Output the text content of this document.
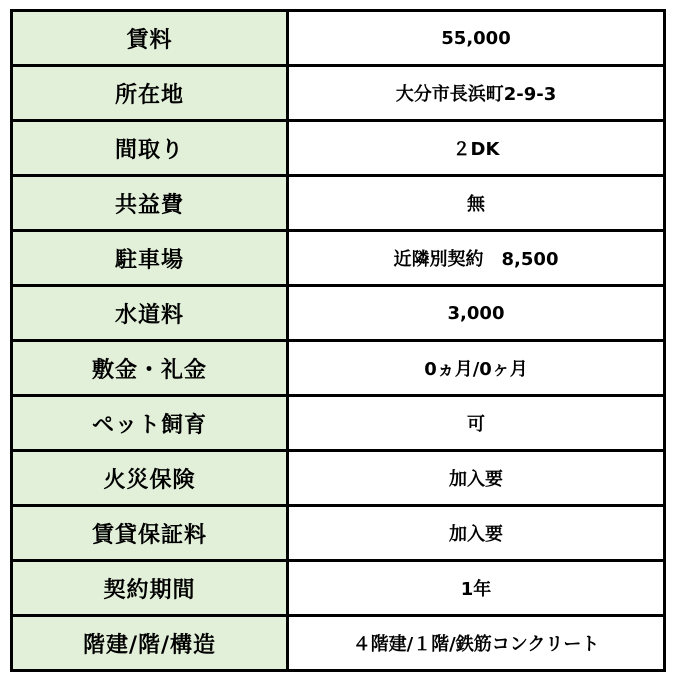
賃料	55,000
所在地	大分市長浜町2-9-3
間取り	２DK
共益費	無
駐車場	近隣別契約　8,500
水道料	3,000
敷金・礼金	0ヵ月/0ヶ月
ペット飼育	可
火災保険	加入要
賃貸保証料	加入要
契約期間	1年
階建/階/構造	４階建/１階/鉄筋コンクリート
